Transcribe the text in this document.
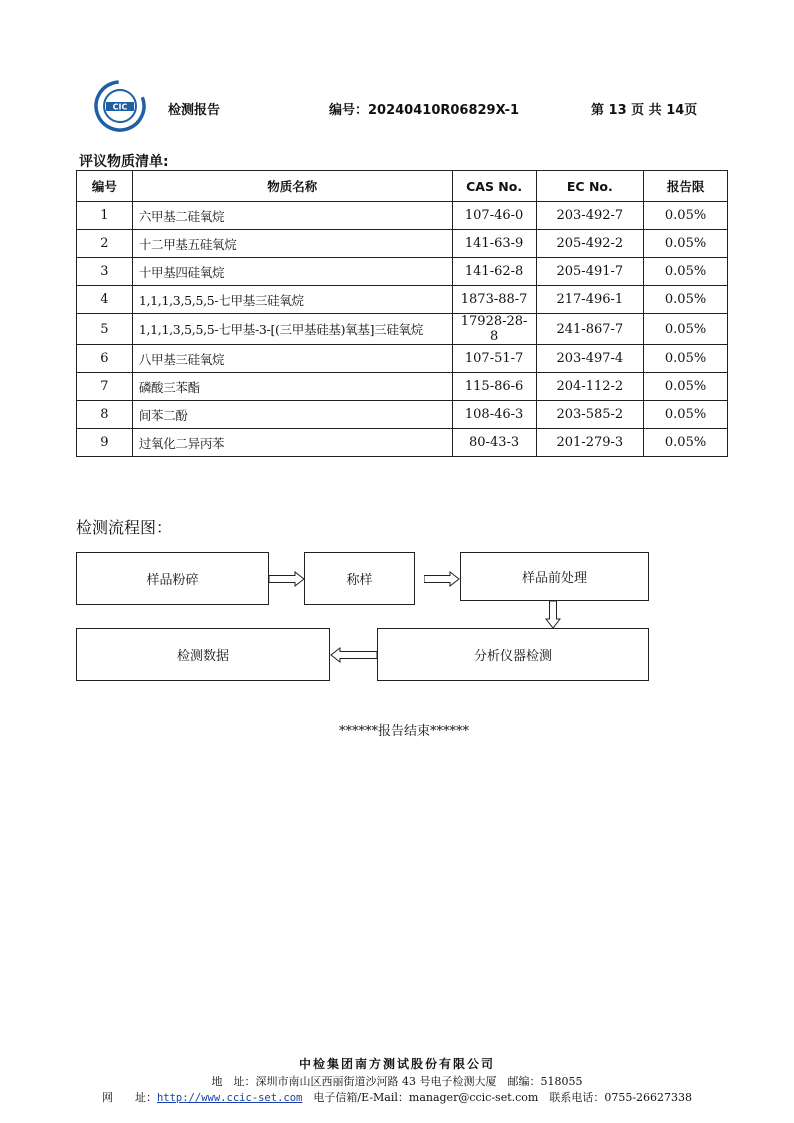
CIC	检测报告	编号：20240410R06829X-1	第 13 页 共 14页
评议物质清单:
编号	物质名称	CAS No.	EC No.	报告限
1	六甲基二硅氧烷	107-46-0	203-492-7	0.05%
2	十二甲基五硅氧烷	141-63-9	205-492-2	0.05%
3	十甲基四硅氧烷	141-62-8	205-491-7	0.05%
4	1,1,1,3,5,5,5-七甲基三硅氧烷	1873-88-7	217-496-1	0.05%
5	1,1,1,3,5,5,5-七甲基-3-[(三甲基硅基)氧基]三硅氧烷	17928-28-8	241-867-7	0.05%
6	八甲基三硅氧烷	107-51-7	203-497-4	0.05%
7	磷酸三苯酯	115-86-6	204-112-2	0.05%
8	间苯二酚	108-46-3	203-585-2	0.05%
9	过氧化二异丙苯	80-43-3	201-279-3	0.05%
检测流程图：
样品粉碎	称样	样品前处理
分析仪器检测
检测数据
******报告结束******
中检集团南方测试股份有限公司
地　址：深圳市南山区西丽街道沙河路 43 号电子检测大厦　邮编：518055
网　　址：http://www.ccic-set.com　 电子信箱/E-Mail：manager@ccic-set.com　联系电话：0755-26627338
